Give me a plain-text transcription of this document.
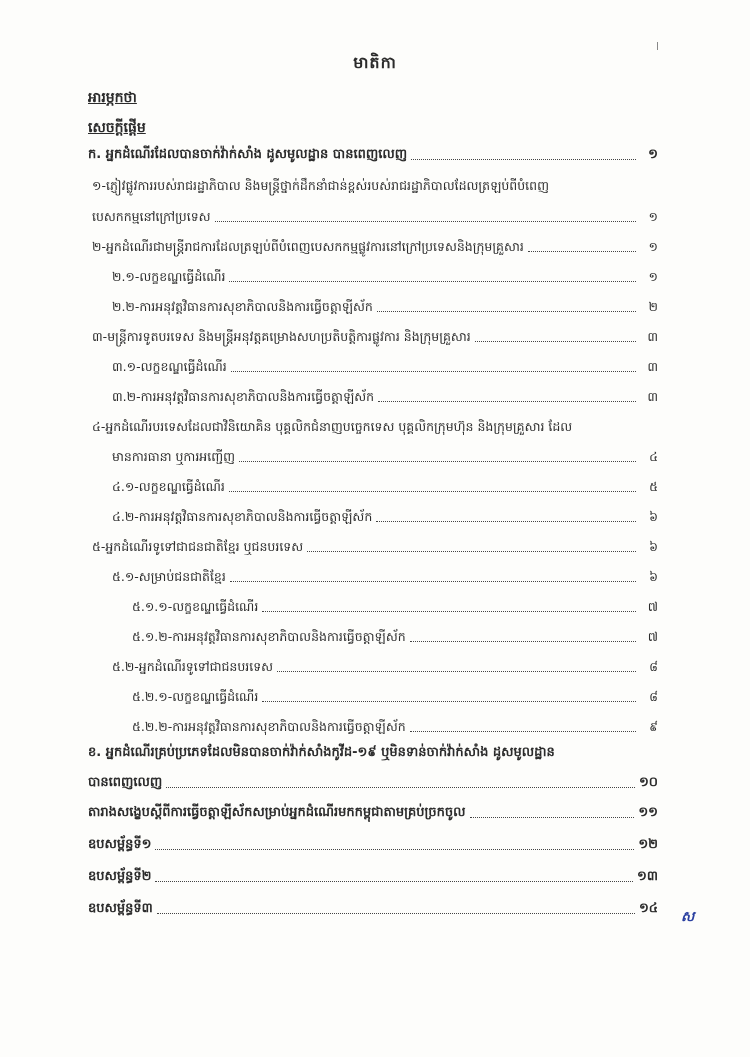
មាតិកា
អារម្ភកថា
សេចក្តីផ្តើម
ក. អ្នកដំណើរដែលបានចាក់វ៉ាក់សាំង ដូសមូលដ្ឋាន បានពេញលេញ	១
១-ភ្ញៀវផ្លូវការរបស់រាជរដ្ឋាភិបាល និងមន្ត្រីថ្នាក់ដឹកនាំជាន់ខ្ពស់របស់រាជរដ្ឋាភិបាលដែលត្រឡប់ពីបំពេញ
បេសកកម្មនៅក្រៅប្រទេស	១
២-អ្នកដំណើរជាមន្ត្រីរាជការដែលត្រឡប់ពីបំពេញបេសកកម្មផ្លូវការនៅក្រៅប្រទេសនិងក្រុមគ្រួសារ	១
២.១-លក្ខខណ្ឌធ្វើដំណើរ	១
២.២-ការអនុវត្តវិធានការសុខាភិបាលនិងការធ្វើចត្តាឡីស័ក	២
៣-មន្ត្រីការទូតបរទេស និងមន្ត្រីអនុវត្តគម្រោងសហប្រតិបត្តិការផ្លូវការ និងក្រុមគ្រួសារ	៣
៣.១-លក្ខខណ្ឌធ្វើដំណើរ	៣
៣.២-ការអនុវត្តវិធានការសុខាភិបាលនិងការធ្វើចត្តាឡីស័ក	៣
៤-អ្នកដំណើរបរទេសដែលជាវិនិយោគិន បុគ្គលិកជំនាញបច្ចេកទេស បុគ្គលិកក្រុមហ៊ុន និងក្រុមគ្រួសារ ដែល
មានការធានា ឬការអញ្ជើញ	៤
៤.១-លក្ខខណ្ឌធ្វើដំណើរ	៥
៤.២-ការអនុវត្តវិធានការសុខាភិបាលនិងការធ្វើចត្តាឡីស័ក	៦
៥-អ្នកដំណើរទូទៅជាជនជាតិខ្មែរ ឬជនបរទេស	៦
៥.១-សម្រាប់ជនជាតិខ្មែរ	៦
៥.១.១-លក្ខខណ្ឌធ្វើដំណើរ	៧
៥.១.២-ការអនុវត្តវិធានការសុខាភិបាលនិងការធ្វើចត្តាឡីស័ក	៧
៥.២-អ្នកដំណើរទូទៅជាជនបរទេស	៨
៥.២.១-លក្ខខណ្ឌធ្វើដំណើរ	៨
៥.២.២-ការអនុវត្តវិធានការសុខាភិបាលនិងការធ្វើចត្តាឡីស័ក	៩
ខ. អ្នកដំណើរគ្រប់ប្រភេទដែលមិនបានចាក់វ៉ាក់សាំងកូវីដ-១៩ ឬមិនទាន់ចាក់វ៉ាក់សាំង ដូសមូលដ្ឋាន
បានពេញលេញ	១០
តារាងសង្ខេបស្តីពីការធ្វើចត្តាឡីស័កសម្រាប់អ្នកដំណើរមកកម្ពុជាតាមគ្រប់ច្រកចូល	១១
ឧបសម្ព័ន្ធទី១	១២
ឧបសម្ព័ន្ធទី២	១៣
ឧបសម្ព័ន្ធទី៣	១៤
ស
